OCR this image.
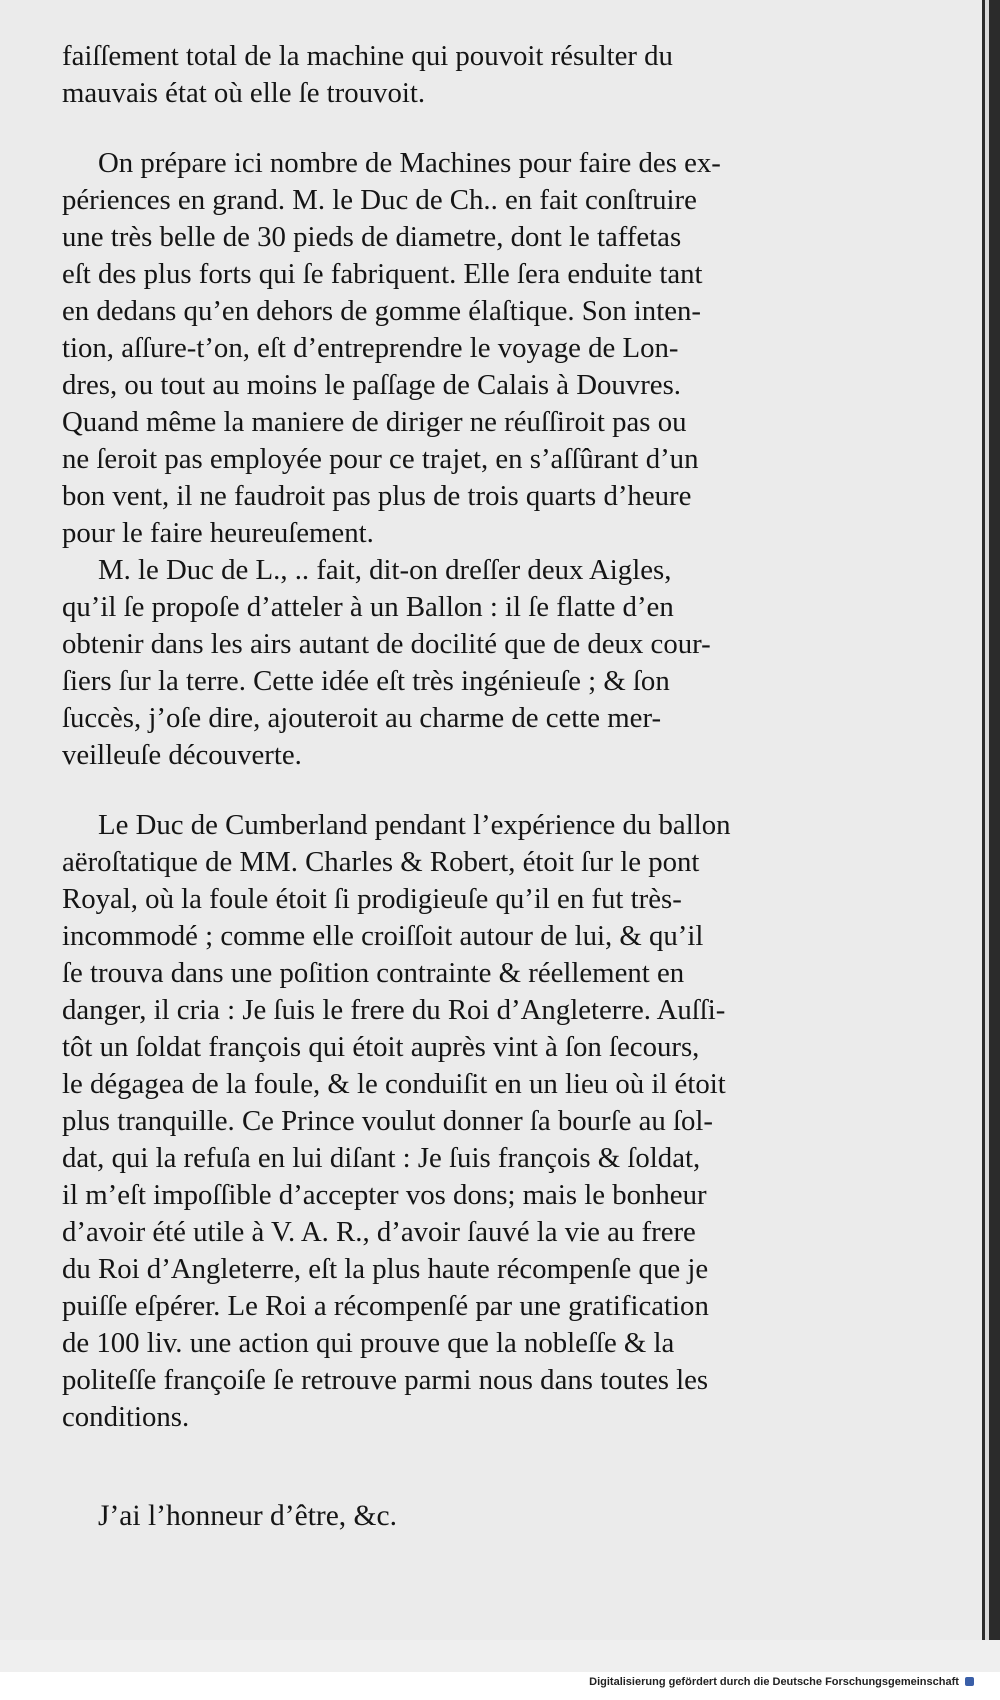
faiſſement total de la machine qui pouvoit résulter du
mauvais état où elle ſe trouvoit.

On prépare ici nombre de Machines pour faire des ex-
périences en grand. M. le Duc de Ch.. en fait conſtruire
une très belle de 30 pieds de diametre, dont le taffetas
eſt des plus forts qui ſe fabriquent. Elle ſera enduite tant
en dedans qu’en dehors de gomme élaſtique. Son inten-
tion, aſſure-t’on, eſt d’entreprendre le voyage de Lon-
dres, ou tout au moins le paſſage de Calais à Douvres.
Quand même la maniere de diriger ne réuſſiroit pas ou
ne ſeroit pas employée pour ce trajet, en s’aſſûrant d’un
bon vent, il ne faudroit pas plus de trois quarts d’heure
pour le faire heureuſement.

M. le Duc de L., .. fait, dit-on dreſſer deux Aigles,
qu’il ſe propoſe d’atteler à un Ballon : il ſe flatte d’en
obtenir dans les airs autant de docilité que de deux cour-
ſiers ſur la terre. Cette idée eſt très ingénieuſe ; & ſon
ſuccès, j’oſe dire, ajouteroit au charme de cette mer-
veilleuſe découverte.

Le Duc de Cumberland pendant l’expérience du ballon
aëroſtatique de MM. Charles & Robert, étoit ſur le pont
Royal, où la foule étoit ſi prodigieuſe qu’il en fut très-
incommodé ; comme elle croiſſoit autour de lui, & qu’il
ſe trouva dans une poſition contrainte & réellement en
danger, il cria : Je ſuis le frere du Roi d’Angleterre. Auſſi-
tôt un ſoldat françois qui étoit auprès vint à ſon ſecours,
le dégagea de la foule, & le conduiſit en un lieu où il étoit
plus tranquille. Ce Prince voulut donner ſa bourſe au ſol-
dat, qui la refuſa en lui diſant : Je ſuis françois & ſoldat,
il m’eſt impoſſible d’accepter vos dons; mais le bonheur
d’avoir été utile à V. A. R., d’avoir ſauvé la vie au frere
du Roi d’Angleterre, eſt la plus haute récompenſe que je
puiſſe eſpérer. Le Roi a récompenſé par une gratification
de 100 liv. une action qui prouve que la nobleſſe & la
politeſſe françoiſe ſe retrouve parmi nous dans toutes les
conditions.

J’ai l’honneur d’être, &c.

Digitalisierung gefördert durch die Deutsche Forschungsgemeinschaft
